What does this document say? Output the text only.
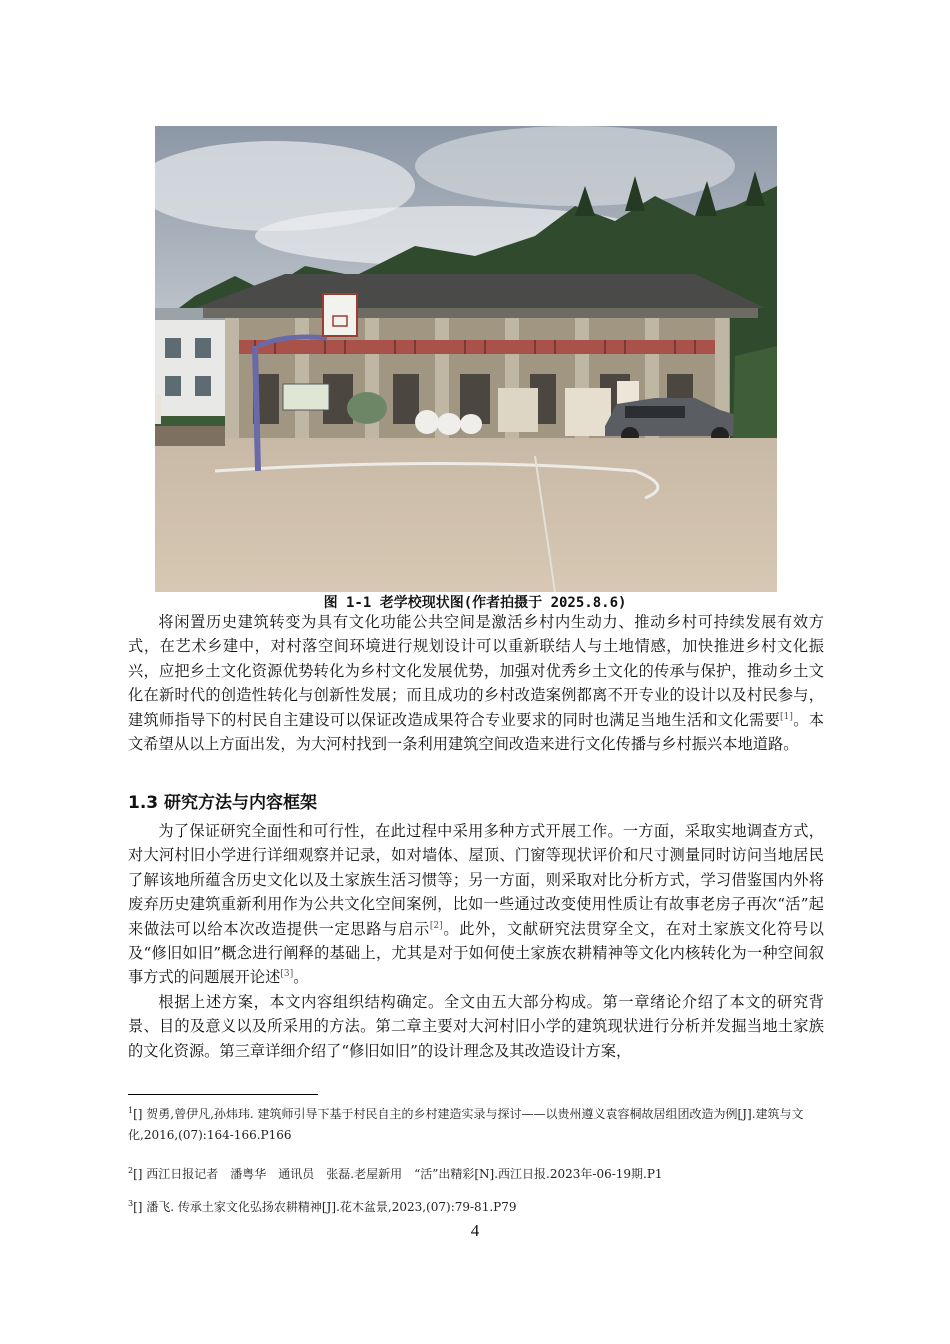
图 1-1 老学校现状图(作者拍摄于 2025.8.6)

将闲置历史建筑转变为具有文化功能公共空间是激活乡村内生动力、推动乡村可持续发展有效方式，在艺术乡建中，对村落空间环境进行规划设计可以重新联结人与土地情感，加快推进乡村文化振兴，应把乡土文化资源优势转化为乡村文化发展优势，加强对优秀乡土文化的传承与保护，推动乡土文化在新时代的创造性转化与创新性发展；而且成功的乡村改造案例都离不开专业的设计以及村民参与，建筑师指导下的村民自主建设可以保证改造成果符合专业要求的同时也满足当地生活和文化需要[1]。本文希望从以上方面出发，为大河村找到一条利用建筑空间改造来进行文化传播与乡村振兴本地道路。

1.3 研究方法与内容框架

为了保证研究全面性和可行性，在此过程中采用多种方式开展工作。一方面，采取实地调查方式，对大河村旧小学进行详细观察并记录，如对墙体、屋顶、门窗等现状评价和尺寸测量同时访问当地居民了解该地所蕴含历史文化以及土家族生活习惯等；另一方面，则采取对比分析方式，学习借鉴国内外将废弃历史建筑重新利用作为公共文化空间案例，比如一些通过改变使用性质让有故事老房子再次“活”起来做法可以给本次改造提供一定思路与启示[2]。此外，文献研究法贯穿全文，在对土家族文化符号以及“修旧如旧”概念进行阐释的基础上，尤其是对于如何使土家族农耕精神等文化内核转化为一种空间叙事方式的问题展开论述[3]。

根据上述方案，本文内容组织结构确定。全文由五大部分构成。第一章绪论介绍了本文的研究背景、目的及意义以及所采用的方法。第二章主要对大河村旧小学的建筑现状进行分析并发掘当地土家族的文化资源。第三章详细介绍了“修旧如旧”的设计理念及其改造设计方案，

$^1$[] 贺勇,曾伊凡,孙炜玮. 建筑师引导下基于村民自主的乡村建造实录与探讨——以贵州遵义袁容桐故居组团改造为例[J].建筑与文化,2016,(07):164-166.P166
$^2$[] 西江日报记者　潘粤华　通讯员　张磊.老屋新用　“活”出精彩[N].西江日报.2023年-06-19期.P1
$^3$[] 潘飞. 传承土家文化弘扬农耕精神[J].花木盆景,2023,(07):79-81.P79
4
